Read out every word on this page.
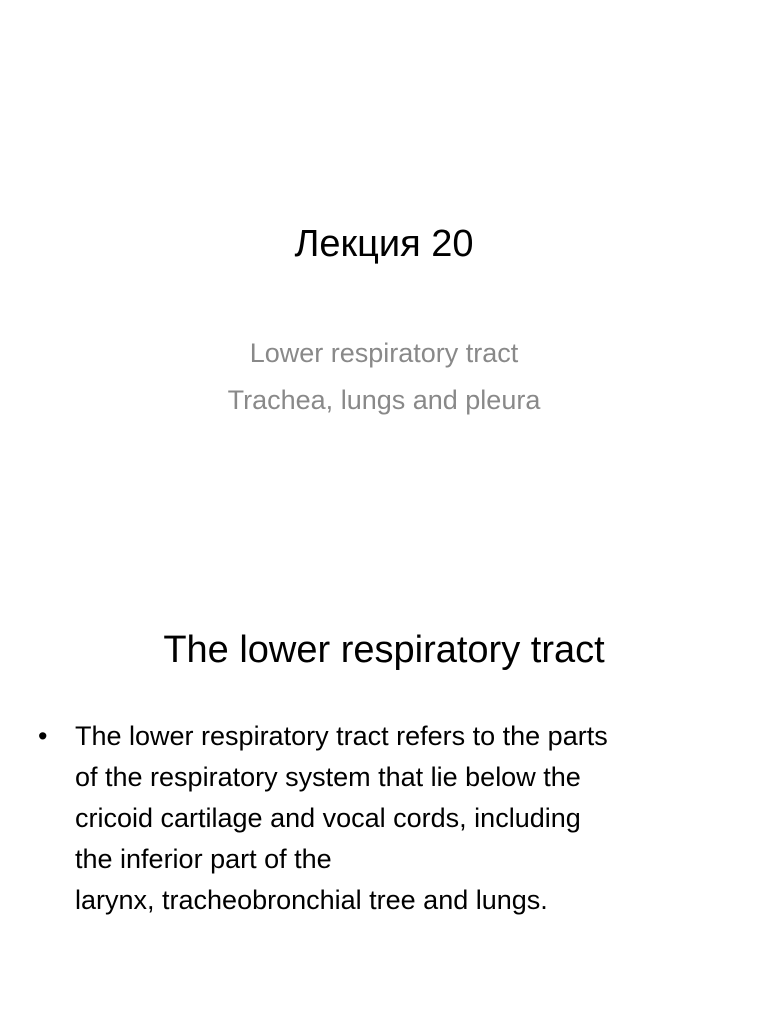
Лекция 20
Lower respiratory tract
Trachea, lungs and pleura
The lower respiratory tract
•	The lower respiratory tract refers to the parts
of the respiratory system that lie below the
cricoid cartilage and vocal cords, including
the inferior part of the
larynx, tracheobronchial tree and lungs.
